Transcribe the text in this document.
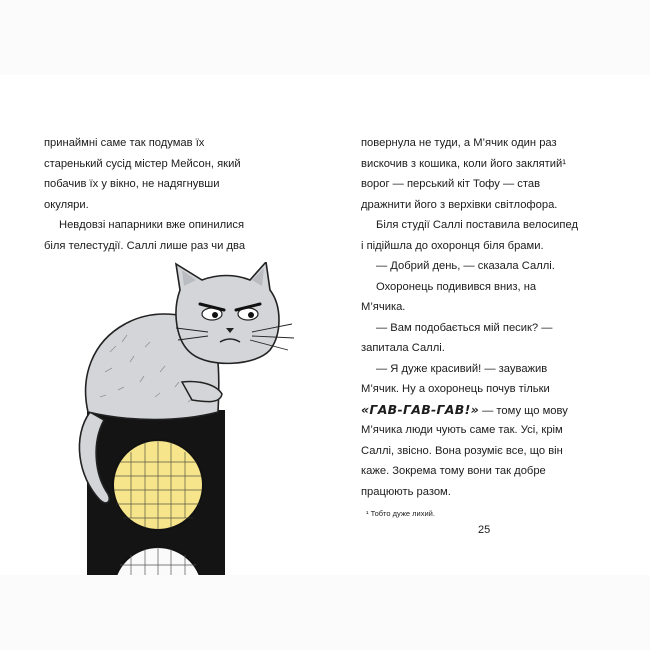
принаймні саме так подумав їх
старенький сусід містер Мейсон, який
побачив їх у вікно, не надягнувши
окуляри.
Невдовзі напарники вже опинилися
біля телестудії. Саллі лише раз чи два
повернула не туди, а М’ячик один раз
вискочив з кошика, коли його заклятий¹
ворог — перський кіт Тофу — став
дражнити його з верхівки світлофора.
Біля студії Саллі поставила велосипед
і підійшла до охоронця біля брами.
— Добрий день, — сказала Саллі.
Охоронець подивився вниз, на
М’ячика.
— Вам подобається мій песик? —
запитала Саллі.
— Я дуже красивий! — зауважив
М’ячик. Ну а охоронець почув тільки
«ГАВ-ГАВ-ГАВ!» — тому що мову
М’ячика люди чують саме так. Усі, крім
Саллі, звісно. Вона розуміє все, що він
каже. Зокрема тому вони так добре
працюють разом.
¹ Тобто дуже лихий.
25
